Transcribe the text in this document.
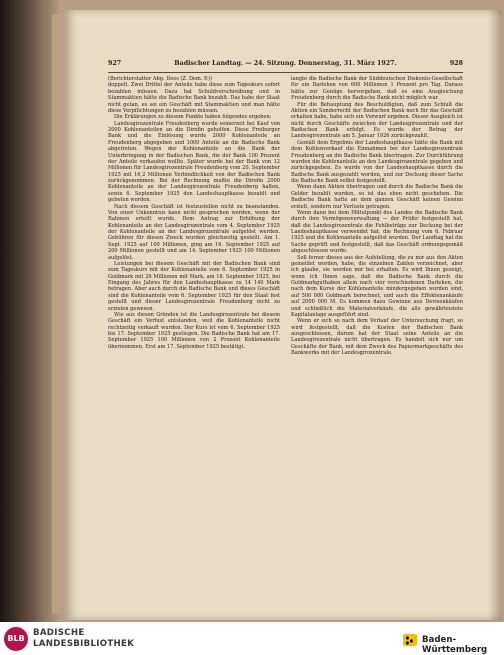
927	Badischer Landtag. — 24. Sitzung. Donnerstag, 31. März 1927.	928

(Berichterstatter Abg. Dees (Z. Dem. P.))

doppelt. Zwei Drittel der Anteile habe diese zum Tageskurs sofort bezahlen müssen. Dazu hat Schuldverschreibung und in Stammaktien hätte die Badische Bank bezahlt. Das habe der Staat nicht getan, es sei ein Geschäft mit Stammaktien und man hätte diese Verpflichtungen zu bezahlen müssen.

Die Erklärungen zu diesem Punkte haben folgendes ergeben:

Landesgirozentrale Freudenberg wurde seinerzeit bei Kauf von 2000 Kohlenanteilen an die Dirofin geholfen. Diese Freiburger Bank und die Einlösung wurde 2000 Kohlenanteile an Freudenberg abgegeben und 1000 Anteile an die Badische Bank abgetreten. Wegen der Kohlenanteile an die Bank der Unterbringung in der Badischen Bank, die der Bank 100 Prozent der Anteile verkaufen wollte. Später wurde bei der Bank von 12 Millionen für Landesgirozentrale Freudenberg vom 20. September 1925 mit 16,2 Millionen Verbindlichkeit von der Badischen Bank zurückgenommen. Bei der Rechnung mußte die Dirofin 2000 Kohlenanteile an der Landesgirozentrale Freudenberg halten, sowie 6. September 1925 den Landeshauptkasse bezahlt und gebeten worden.

Nach diesem Geschäft ist festzustellen nicht zu beanstanden. Von einer Unkenntnis kann nicht gesprochen werden, wenn der Rahmen erteilt wurde. Dem Antrag zur Erhöhung der Kohlenanteile an der Landesgirozentrale vom 4. September 1925 der Kohlenanteile an der Landesgirozentrale aufgelöst werden. Gebühren für diesen Zweck wurden gleichzeitig gestellt. Am 1. Sept. 1925 auf 100 Millionen, ging am 16. September 1925 auf 200 Millionen gestellt und am 14. September 1925 100 Millionen aufgelöst.

Leistungen bei diesem Geschäft mit der Badischen Bank sind zum Tageskurs mit der Kohlenanteile vom 6. September 1925 in Goldmark mit 26 Millionen mit Mark, am 16. September 1925, bei Eingang des Jahres für den Landeshauptkasse zu 14 140 Mark betragen. Aber auch durch die Badische Bank und dieses Geschäft sind die Kohlenanteile vom 6. September 1925 für den Staat fest gestellt und dieser Landesgirozentrale Freudenberg nicht zu erzielen gewesen.

Wie aus diesen Gründen ist die Landesgirozentrale bei diesem Geschäft ein Verlust entstanden, weil die Kohlenanteile nicht rechtzeitig verkauft wurden. Der Kurs ist vom 6. September 1925 bis 17. September 1925 gestiegen. Die Badische Bank hat am 17. September 1925 100 Millionen von 2 Prozent Kohlenanteile übernommen. Erst am 17. September 1925 bestätigt.

langte die Badische Bank der Süddeutschen Diskonto-Gesellschaft für ein Darlehen von 600 Millionen 1 Prozent pro Tag. Daraus hätte zur Genüge hervorgehen, daß es eine Ausgleichung Freudenberg durch die Badische Bank nicht möglich war.

Für die Behauptung des Beschuldigten, daß zum Schluß die Aktien ein Sonderrecht der Badischen Bank noch für das Geschäft erhalten habe, habe sich ein Vorwurf ergeben. Dieser Ausgleich ist nicht durch Geschäfte zwischen der Landesgirozentrale und der Badischen Bank erfolgt. Es wurde der Betrag der Landesgirozentrale am 5. Januar 1926 zurückgezahlt.

Gemäß dem Ergebnis der Landeshauptkasse hätte die Bank mit dem Kohlenverkauf die Einnahmen bei der Landesgirozentrale Freudenberg an die Badische Bank übertragen. Zur Durchführung wurden die Kohlenanteile an den Landesgirozentrale gegeben und zurückgegeben. Es wurde von der Landeshauptkasse durch die Badische Bank ausgezahlt worden, und zur Deckung dieser Sache die Badische Bank selbst festgestellt.

Wenn dann Aktien übertragen und durch die Badische Bank die Gelder bezahlt wurden, so ist das eben nicht geschehen. Die Badische Bank hatte an dem ganzen Geschäft keinen Gewinn erzielt, sondern nur Verluste getragen.

Wenn dann bei dem Mittelpunkt des Landes die Badische Bank durch ihre Vermögensverwaltung — der Prüfer festgestellt hat, daß die Landesgirozentrale die Fehlbeträge zur Deckung bei der Landeshauptkasse verwendet hat, die Rechnung vom 6. Februar 1925 und die Kohlenanteile aufgelöst wurden. Der Landtag hat die Sache geprüft und festgestellt, daß das Geschäft ordnungsgemäß abgeschlossen wurde.

Soll ferner dieses aus der Aufstellung, die zu mir aus den Akten gemeldet worden, habe, die einzelnen Zahlen verzeichnet, aber ich glaube, sie werden mir bei erhalten. Es wird Ihnen gezeigt, wenn ich Ihnen sage, daß die Badische Bank durch die Goldmarkguthaben allein nach vier verschiedenen Darlehen, die nach dem Kurse der Kohlenanteile mindergegeben worden sind, auf 500 000 Goldmark berechnet, und auch die Effektenankäufe auf 2000 000 M. Es kommen dazu Gewinne aus Devisenkäufen und schließlich die Materialverkäufe, die alle gewährleistete Kapitalanlage ausgeführt sind.

Wenn er sich so nach dem Verlauf der Untersuchung fragt, so wird festgestellt, daß die Kosten der Badischen Bank ausgeschlossen, darum hat der Staat seine Anteile an die Landesgirozentrale nicht übertragen. Es handelt sich nur um Geschäfte der Bank, mit dem Zweck des Papiermarkgeschäfts des Bankwerks mit der Landesgirozentrale.

BLB
BADISCHE
LANDESBIBLIOTHEK	Baden-Württemberg
